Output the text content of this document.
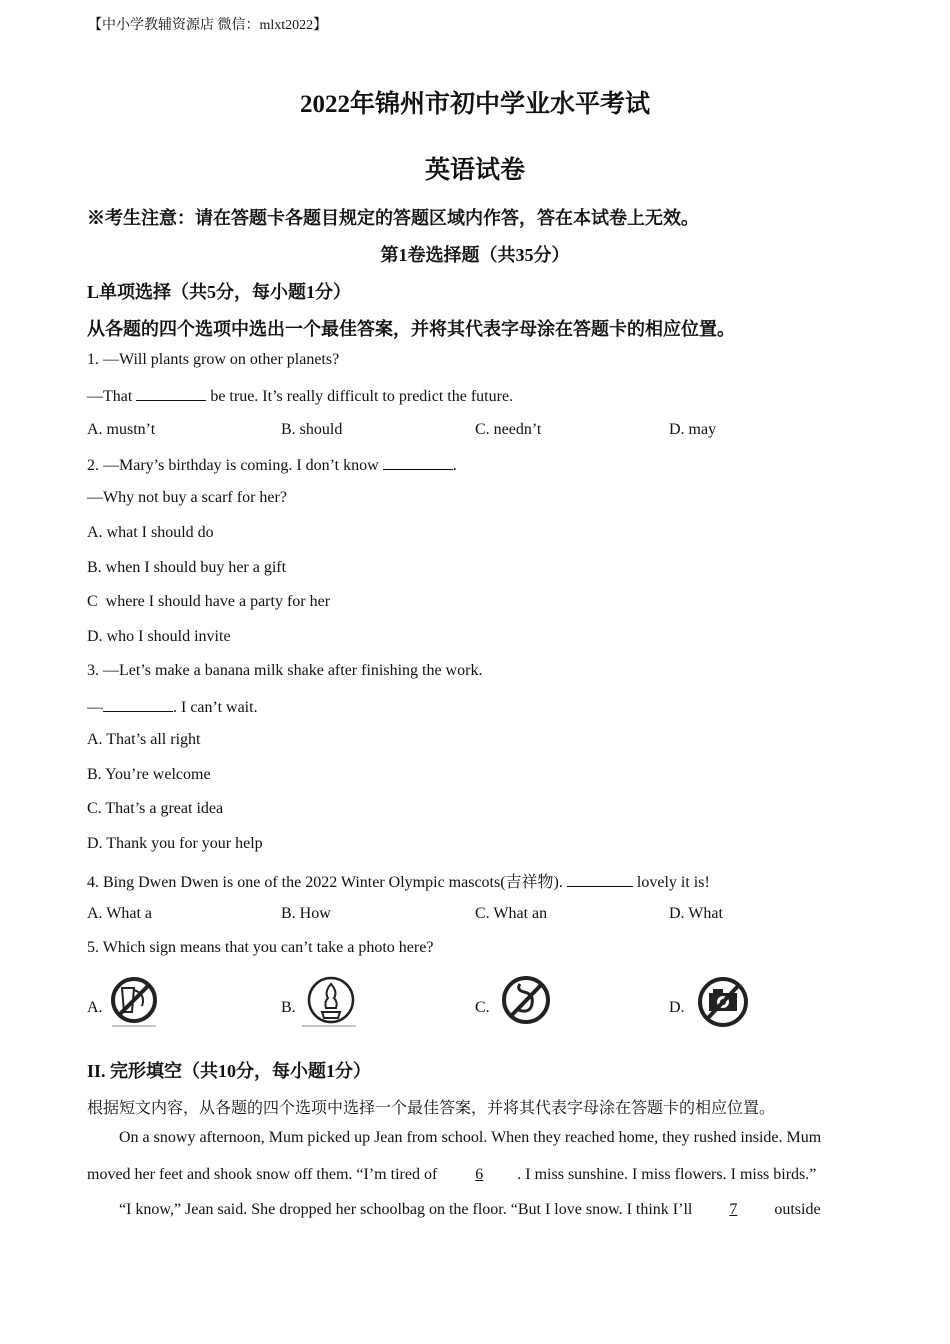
【中小学教辅资源店 微信：mlxt2022】
2022年锦州市初中学业水平考试
英语试卷
※考生注意：请在答题卡各题目规定的答题区域内作答，答在本试卷上无效。
第1卷选择题（共35分）
L单项选择（共5分，每小题1分）
从各题的四个选项中选出一个最佳答案，并将其代表字母涂在答题卡的相应位置。
1. —Will plants grow on other planets?
—That	be true. It’s really difficult to predict the future.
A. mustn’t	B. should	C. needn’t	D. may
2. —Mary’s birthday is coming. I don’t know	.
—Why not buy a scarf for her?
A. what I should do
B. when I should buy her a gift
C  where I should have a party for her
D. who I should invite
3. —Let’s make a banana milk shake after finishing the work.
—	. I can’t wait.
A. That’s all right
B. You’re welcome
C. That’s a great idea
D. Thank you for your help
4. Bing Dwen Dwen is one of the 2022 Winter Olympic mascots(吉祥物).	lovely it is!
A. What a	B. How	C. What an	D. What
5. Which sign means that you can’t take a photo here?
A.	B.	C.	D.
II. 完形填空（共10分，每小题1分）
根据短文内容，从各题的四个选项中选择一个最佳答案，并将其代表字母涂在答题卡的相应位置。
On a snowy afternoon, Mum picked up Jean from school. When they reached home, they rushed inside. Mum
moved her feet and shook snow off them. “I’m tired of 6 . I miss sunshine. I miss flowers. I miss birds.”
“I know,” Jean said. She dropped her schoolbag on the floor. “But I love snow. I think I’ll 7 outside
